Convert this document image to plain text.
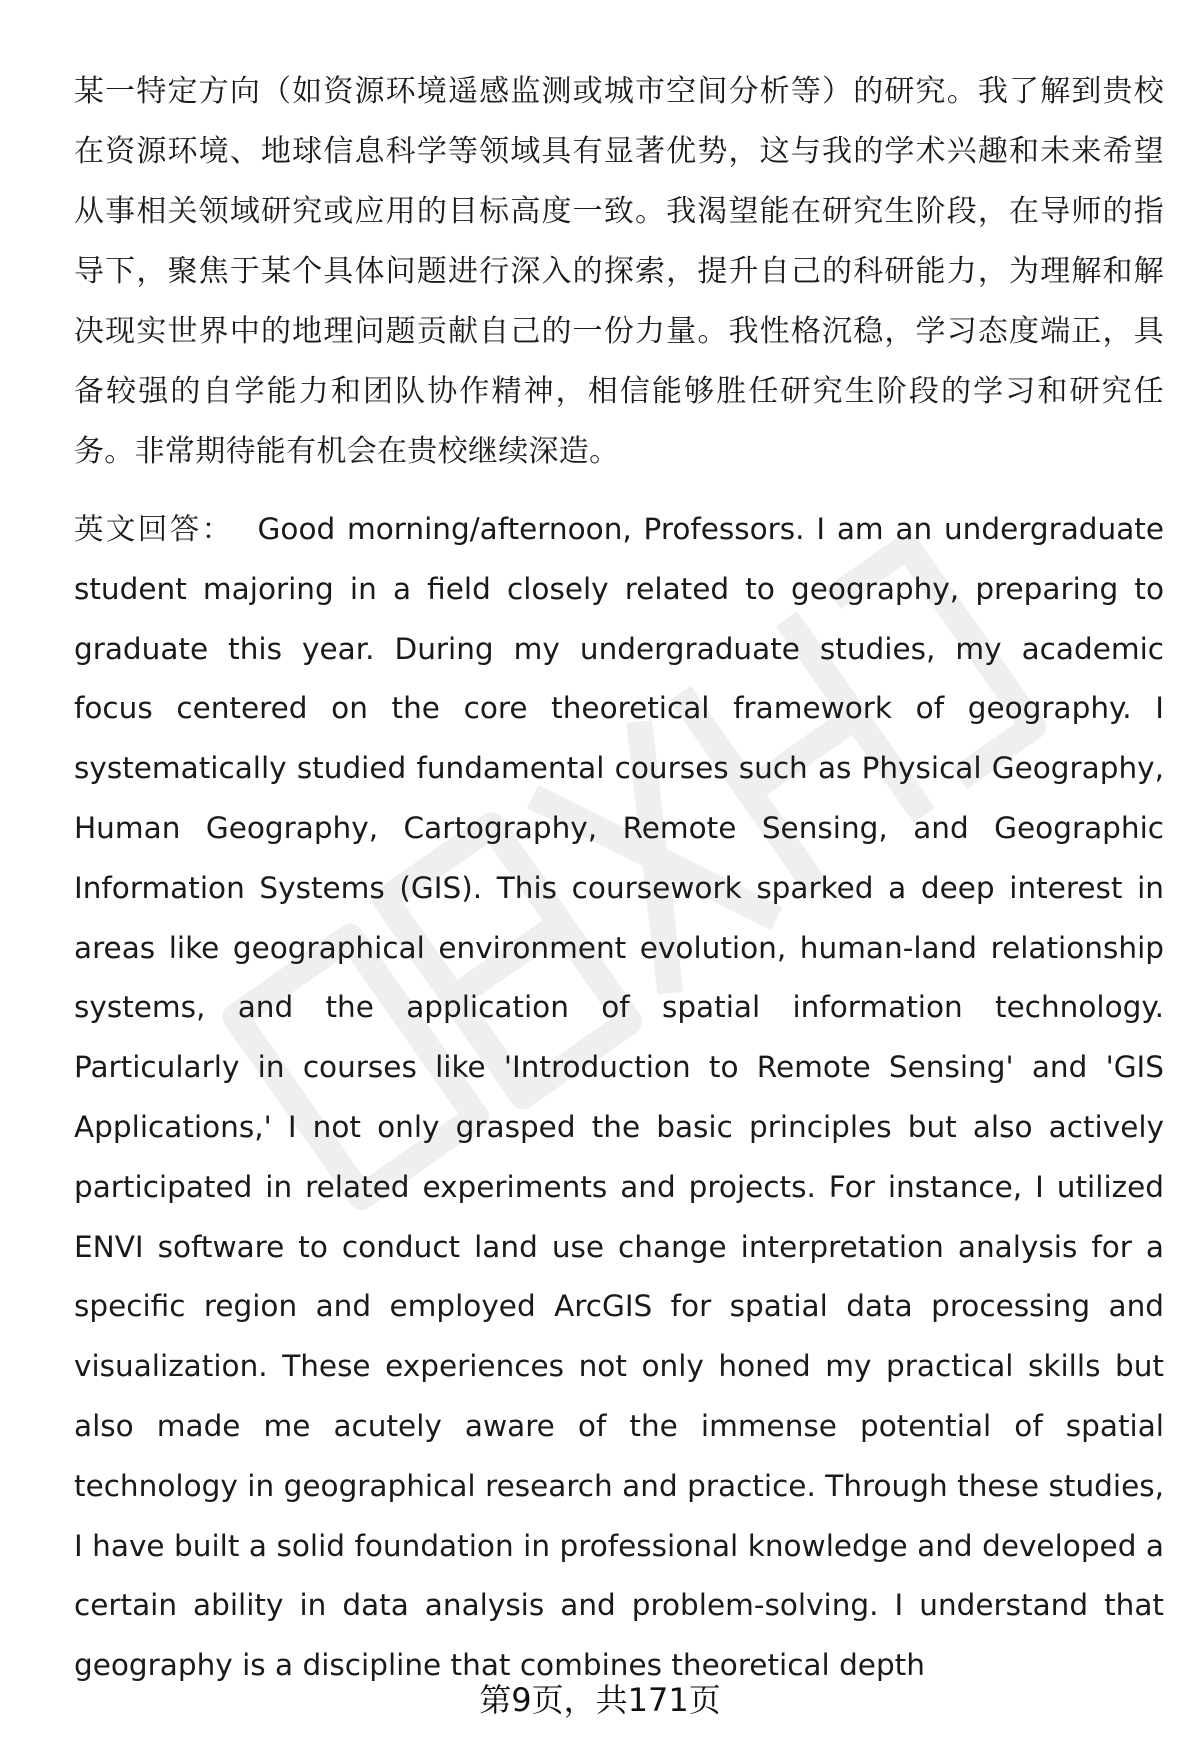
某一特定方向（如资源环境遥感监测或城市空间分析等）的研究。我了解到贵校在资源环境、地球信息科学等领域具有显著优势，这与我的学术兴趣和未来希望从事相关领域研究或应用的目标高度一致。我渴望能在研究生阶段，在导师的指导下，聚焦于某个具体问题进行深入的探索，提升自己的科研能力，为理解和解决现实世界中的地理问题贡献自己的一份力量。我性格沉稳，学习态度端正，具备较强的自学能力和团队协作精神，相信能够胜任研究生阶段的学习和研究任务。非常期待能有机会在贵校继续深造。

英文回答： Good morning/afternoon, Professors. I am an undergraduate student majoring in a field closely related to geography, preparing to graduate this year. During my undergraduate studies, my academic focus centered on the core theoretical framework of geography. I systematically studied fundamental courses such as Physical Geography, Human Geography, Cartography, Remote Sensing, and Geographic Information Systems (GIS). This coursework sparked a deep interest in areas like geographical environment evolution, human-land relationship systems, and the application of spatial information technology. Particularly in courses like 'Introduction to Remote Sensing' and 'GIS Applications,' I not only grasped the basic principles but also actively participated in related experiments and projects. For instance, I utilized ENVI software to conduct land use change interpretation analysis for a specific region and employed ArcGIS for spatial data processing and visualization. These experiences not only honed my practical skills but also made me acutely aware of the immense potential of spatial technology in geographical research and practice. Through these studies, I have built a solid foundation in professional knowledge and developed a certain ability in data analysis and problem-solving. I understand that geography is a discipline that combines theoretical depth

第9页，共171页
